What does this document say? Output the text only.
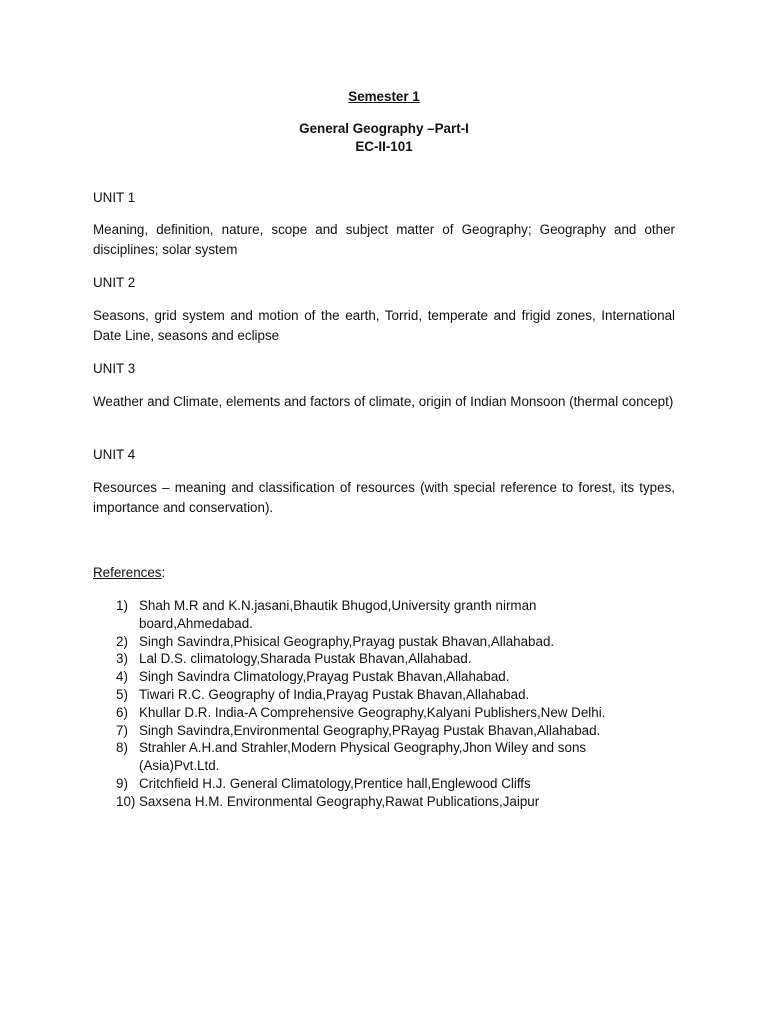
Semester 1
General Geography –Part-I
EC-II-101
UNIT 1
Meaning, definition, nature, scope and subject matter of Geography; Geography and other disciplines; solar system
UNIT 2
Seasons, grid system and motion of the earth, Torrid, temperate and frigid zones, International Date Line, seasons and eclipse
UNIT 3
Weather and Climate, elements and factors of climate, origin of Indian Monsoon (thermal concept)
UNIT 4
Resources – meaning and classification of resources (with special reference to forest, its types, importance and conservation).
References:
1) Shah M.R and K.N.jasani,Bhautik Bhugod,University granth nirman board,Ahmedabad.
2) Singh Savindra,Phisical Geography,Prayag pustak Bhavan,Allahabad.
3) Lal D.S. climatology,Sharada Pustak Bhavan,Allahabad.
4) Singh Savindra Climatology,Prayag Pustak Bhavan,Allahabad.
5) Tiwari R.C. Geography of India,Prayag Pustak Bhavan,Allahabad.
6) Khullar D.R. India-A Comprehensive Geography,Kalyani Publishers,New Delhi.
7) Singh Savindra,Environmental Geography,PRayag Pustak Bhavan,Allahabad.
8) Strahler A.H.and Strahler,Modern Physical Geography,Jhon Wiley and sons (Asia)Pvt.Ltd.
9) Critchfield H.J. General Climatology,Prentice hall,Englewood Cliffs
10) Saxsena H.M. Environmental Geography,Rawat Publications,Jaipur
